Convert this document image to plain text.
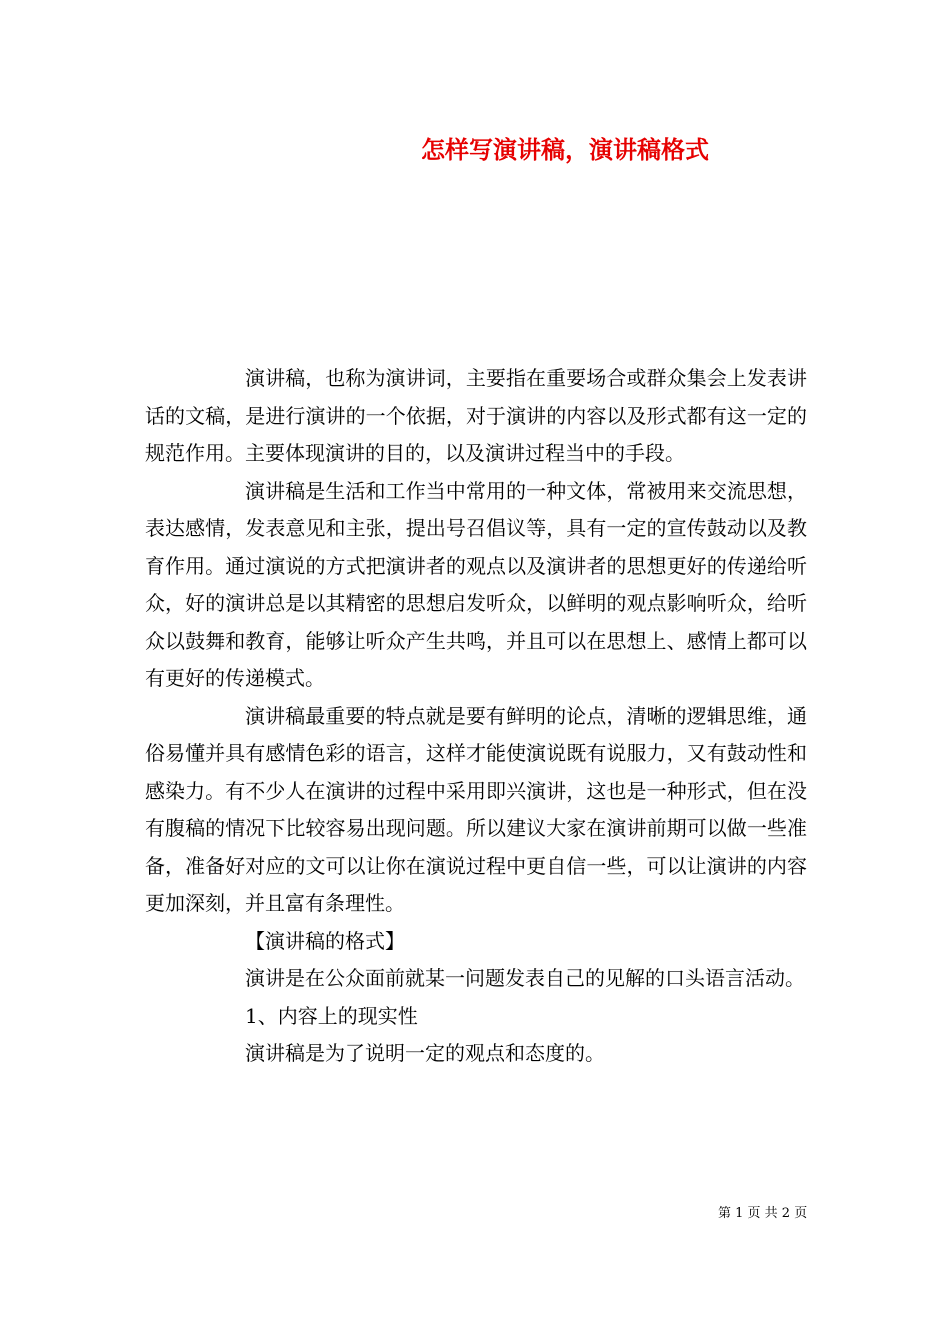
怎样写演讲稿，演讲稿格式

演讲稿，也称为演讲词，主要指在重要场合或群众集会上发表讲话的文稿，是进行演讲的一个依据，对于演讲的内容以及形式都有这一定的规范作用。主要体现演讲的目的，以及演讲过程当中的手段。

演讲稿是生活和工作当中常用的一种文体，常被用来交流思想，表达感情，发表意见和主张，提出号召倡议等，具有一定的宣传鼓动以及教育作用。通过演说的方式把演讲者的观点以及演讲者的思想更好的传递给听众，好的演讲总是以其精密的思想启发听众，以鲜明的观点影响听众，给听众以鼓舞和教育，能够让听众产生共鸣，并且可以在思想上、感情上都可以有更好的传递模式。

演讲稿最重要的特点就是要有鲜明的论点，清晰的逻辑思维，通俗易懂并具有感情色彩的语言，这样才能使演说既有说服力，又有鼓动性和感染力。有不少人在演讲的过程中采用即兴演讲，这也是一种形式，但在没有腹稿的情况下比较容易出现问题。所以建议大家在演讲前期可以做一些准备，准备好对应的文可以让你在演说过程中更自信一些，可以让演讲的内容更加深刻，并且富有条理性。

【演讲稿的格式】

演讲是在公众面前就某一问题发表自己的见解的口头语言活动。

1、内容上的现实性

演讲稿是为了说明一定的观点和态度的。

第 1 页 共 2 页
